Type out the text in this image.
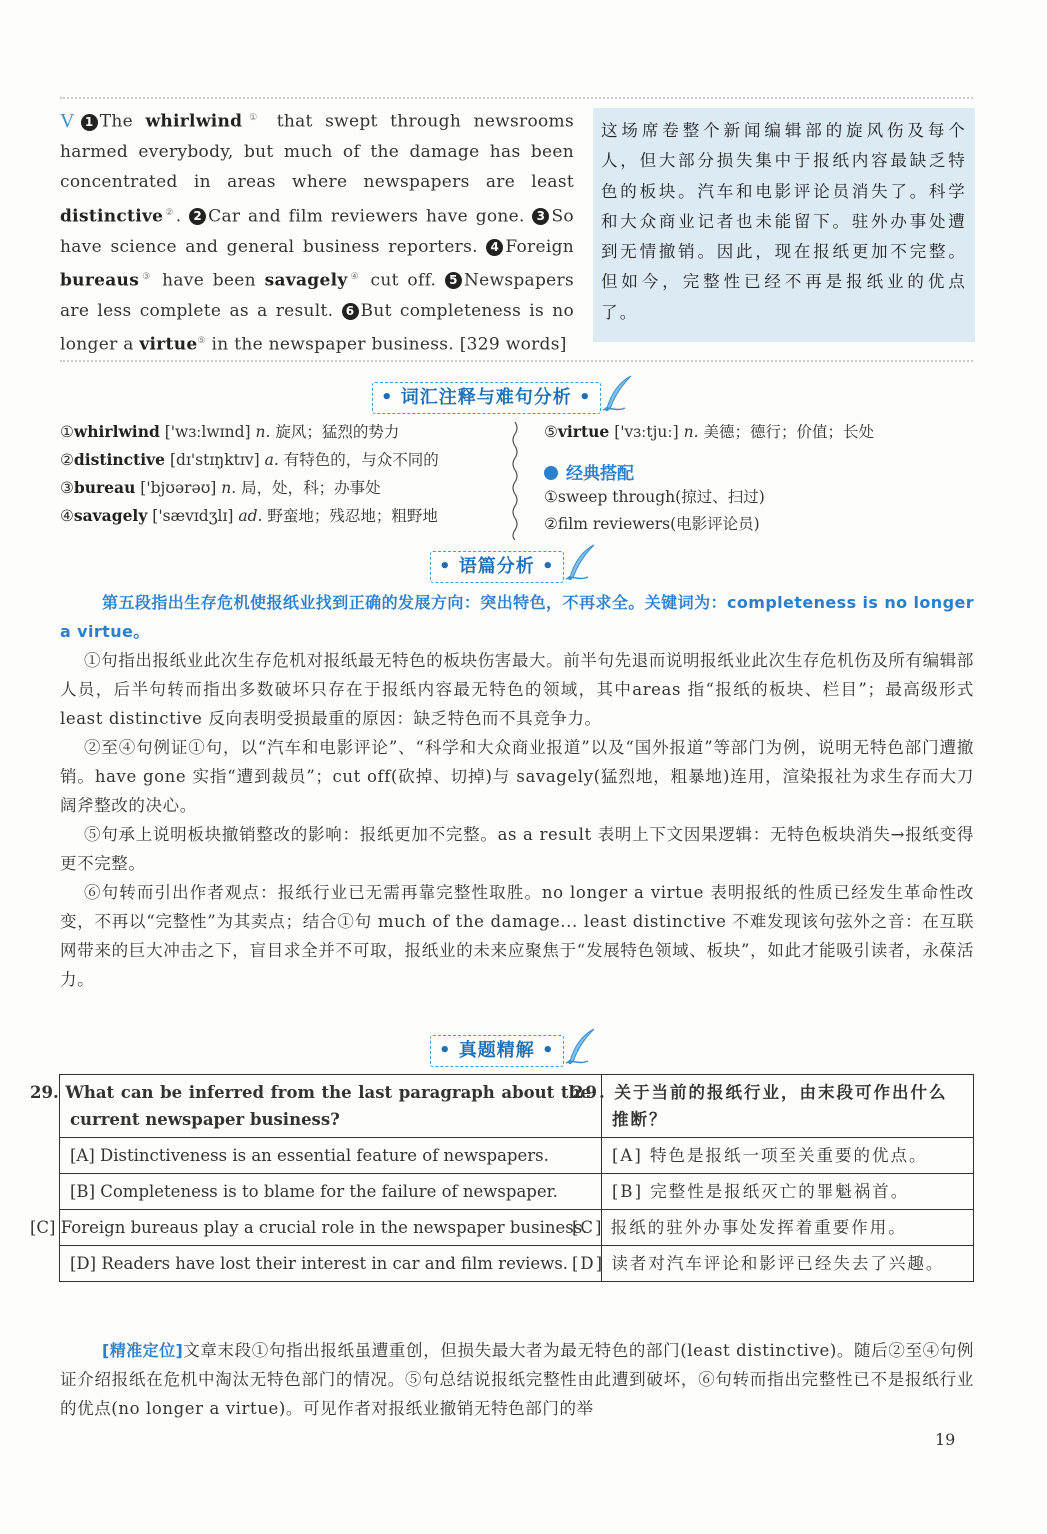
V 1 The whirlwind① that swept through newsrooms harmed everybody, but much of the damage has been concentrated in areas where newspapers are least distinctive②. 2 Car and film reviewers have gone. 3 So have science and general business reporters. 4 Foreign bureaus③ have been savagely④ cut off. 5 Newspapers are less complete as a result. 6 But completeness is no longer a virtue⑤ in the newspaper business. [329 words]
这场席卷整个新闻编辑部的旋风伤及每个人，但大部分损失集中于报纸内容最缺乏特色的板块。汽车和电影评论员消失了。科学和大众商业记者也未能留下。驻外办事处遭到无情撤销。因此，现在报纸更加不完整。但如今，完整性已经不再是报纸业的优点了。
• 词汇注释与难句分析 •
①whirlwind ['wɜːlwɪnd] n. 旋风；猛烈的势力
②distinctive [dɪ'stɪŋktɪv] a. 有特色的，与众不同的
③bureau ['bjʊərəʊ] n. 局，处，科；办事处
④savagely ['sævɪdʒlɪ] ad. 野蛮地；残忍地；粗野地
⑤virtue ['vɜːtjuː] n. 美德；德行；价值；长处
经典搭配
①sweep through(掠过、扫过)
②film reviewers(电影评论员)
• 语篇分析 •

第五段指出生存危机使报纸业找到正确的发展方向：突出特色，不再求全。关键词为：completeness is no longer a virtue。

①句指出报纸业此次生存危机对报纸最无特色的板块伤害最大。前半句先退而说明报纸业此次生存危机伤及所有编辑部人员，后半句转而指出多数破坏只存在于报纸内容最无特色的领域，其中areas 指“报纸的板块、栏目”；最高级形式 least distinctive 反向表明受损最重的原因：缺乏特色而不具竞争力。

②至④句例证①句，以“汽车和电影评论”、“科学和大众商业报道”以及“国外报道”等部门为例，说明无特色部门遭撤销。have gone 实指“遭到裁员”；cut off(砍掉、切掉)与 savagely(猛烈地，粗暴地)连用，渲染报社为求生存而大刀阔斧整改的决心。

⑤句承上说明板块撤销整改的影响：报纸更加不完整。as a result 表明上下文因果逻辑：无特色板块消失→报纸变得更不完整。

⑥句转而引出作者观点：报纸行业已无需再靠完整性取胜。no longer a virtue 表明报纸的性质已经发生革命性改变，不再以“完整性”为其卖点；结合①句 much of the damage... least distinctive 不难发现该句弦外之音：在互联网带来的巨大冲击之下，盲目求全并不可取，报纸业的未来应聚焦于“发展特色领域、板块”，如此才能吸引读者，永葆活力。

• 真题精解 •
29. What can be inferred from the last paragraph about the current newspaper business?	29. 关于当前的报纸行业，由末段可作出什么推断？
[A] Distinctiveness is an essential feature of newspapers.	[A] 特色是报纸一项至关重要的优点。
[B] Completeness is to blame for the failure of newspaper.	[B] 完整性是报纸灭亡的罪魁祸首。
[C] Foreign bureaus play a crucial role in the newspaper business.	[C] 报纸的驻外办事处发挥着重要作用。
[D] Readers have lost their interest in car and film reviews.	[D] 读者对汽车评论和影评已经失去了兴趣。

[精准定位]文章末段①句指出报纸虽遭重创，但损失最大者为最无特色的部门(least distinctive)。随后②至④句例证介绍报纸在危机中淘汰无特色部门的情况。⑤句总结说报纸完整性由此遭到破坏，⑥句转而指出完整性已不是报纸行业的优点(no longer a virtue)。可见作者对报纸业撤销无特色部门的举

19
